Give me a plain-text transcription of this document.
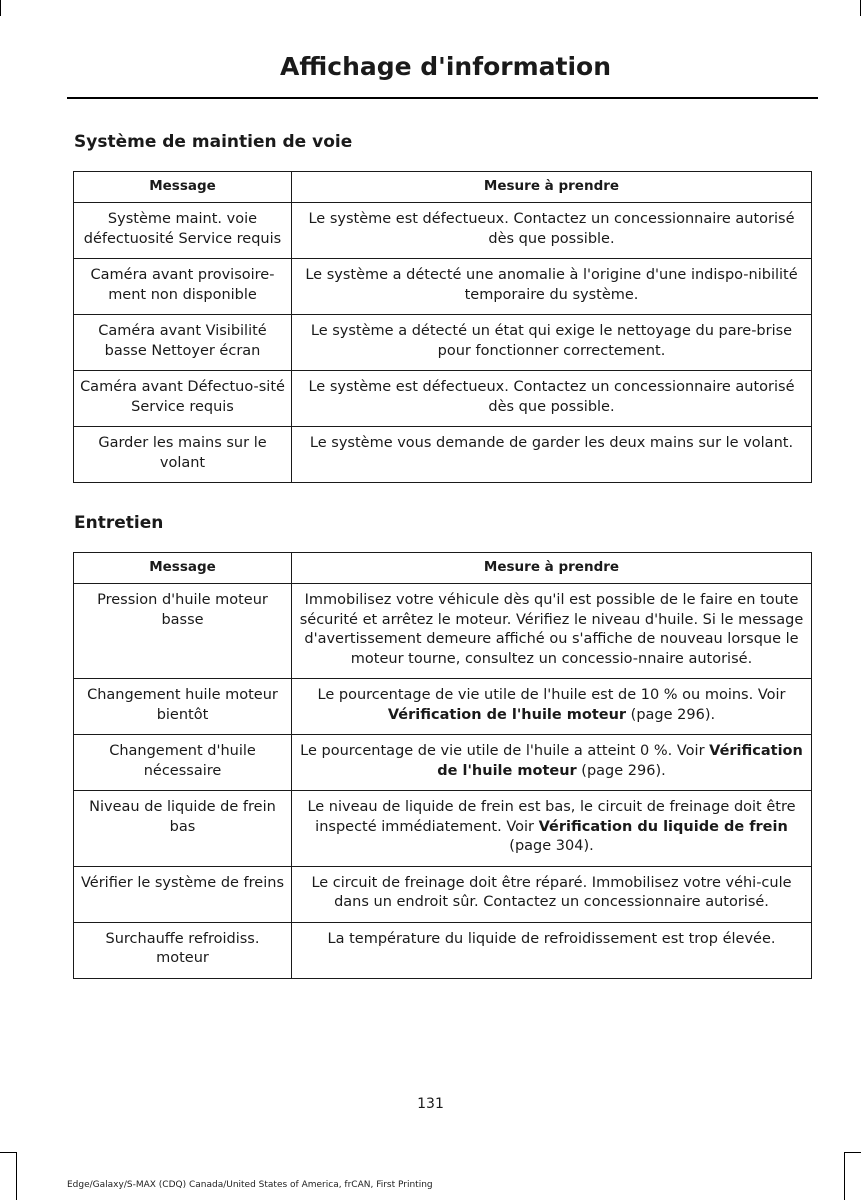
Affichage d'information
Système de maintien de voie
Message	Mesure à prendre
Système maint. voie défectuosité Service requis	Le système est défectueux. Contactez un concessionnaire autorisé dès que possible.
Caméra avant provisoire-ment non disponible	Le système a détecté une anomalie à l'origine d'une indispo-nibilité temporaire du système.
Caméra avant Visibilité basse Nettoyer écran	Le système a détecté un état qui exige le nettoyage du pare-brise pour fonctionner correctement.
Caméra avant Défectuo-sité Service requis	Le système est défectueux. Contactez un concessionnaire autorisé dès que possible.
Garder les mains sur le volant	Le système vous demande de garder les deux mains sur le volant.
Entretien
Message	Mesure à prendre
Pression d'huile moteur basse	Immobilisez votre véhicule dès qu'il est possible de le faire en toute sécurité et arrêtez le moteur. Vérifiez le niveau d'huile. Si le message d'avertissement demeure affiché ou s'affiche de nouveau lorsque le moteur tourne, consultez un concessio-nnaire autorisé.
Changement huile moteur bientôt	Le pourcentage de vie utile de l'huile est de 10 % ou moins. Voir Vérification de l'huile moteur (page 296).
Changement d'huile nécessaire	Le pourcentage de vie utile de l'huile a atteint 0 %. Voir Vérification de l'huile moteur (page 296).
Niveau de liquide de frein bas	Le niveau de liquide de frein est bas, le circuit de freinage doit être inspecté immédiatement. Voir Vérification du liquide de frein (page 304).
Vérifier le système de freins	Le circuit de freinage doit être réparé. Immobilisez votre véhi-cule dans un endroit sûr. Contactez un concessionnaire autorisé.
Surchauffe refroidiss. moteur	La température du liquide de refroidissement est trop élevée.
131
Edge/Galaxy/S-MAX (CDQ) Canada/United States of America, frCAN, First Printing
